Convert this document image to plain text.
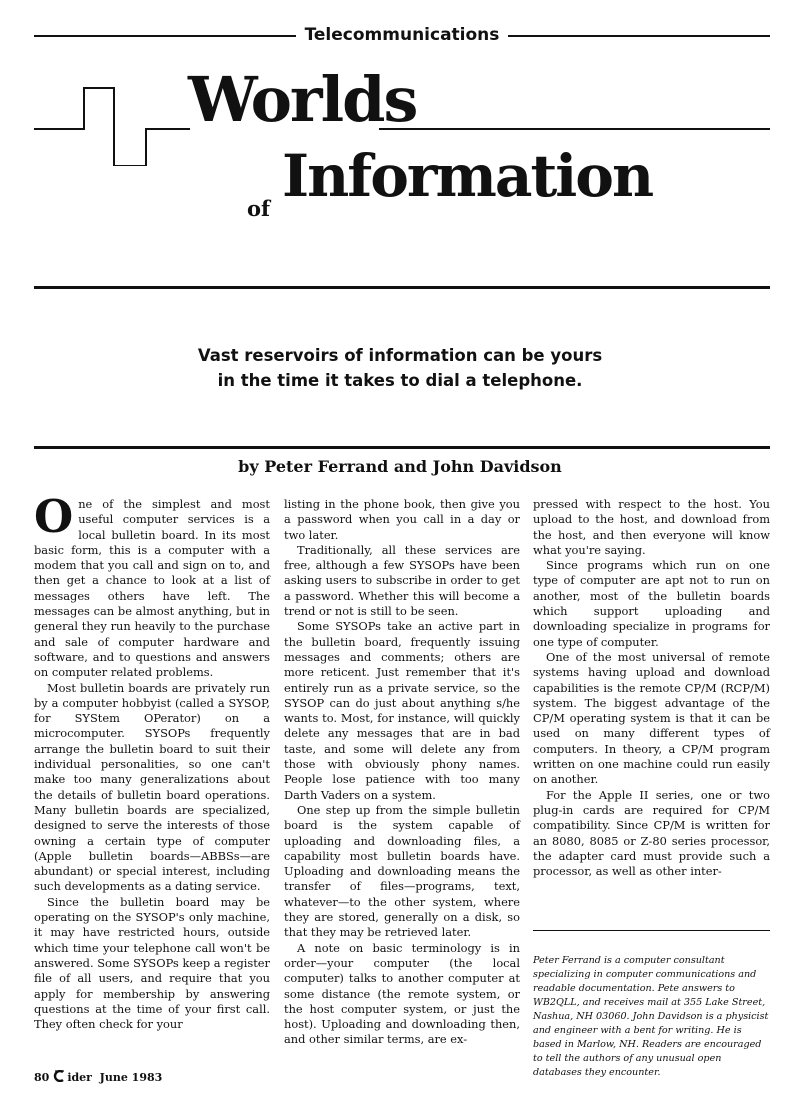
Telecommunications
Worlds
of Information
Vast reservoirs of information can be yours
in the time it takes to dial a telephone.
by Peter Ferrand and John Davidson

One of the simplest and most useful computer services is a local bulletin board. In its most basic form, this is a computer with a modem that you call and sign on to, and then get a chance to look at a list of messages others have left. The messages can be almost anything, but in general they run heavily to the purchase and sale of computer hardware and software, and to questions and answers on computer related problems.

Most bulletin boards are privately run by a computer hobbyist (called a SYSOP, for SYStem OPerator) on a microcomputer. SYSOPs frequently arrange the bulletin board to suit their individual personalities, so one can't make too many generalizations about the details of bulletin board operations. Many bulletin boards are specialized, designed to serve the interests of those owning a certain type of computer (Apple bulletin boards—ABBSs—are abundant) or special interest, including such developments as a dating service.

Since the bulletin board may be operating on the SYSOP's only machine, it may have restricted hours, outside which time your telephone call won't be answered. Some SYSOPs keep a register file of all users, and require that you apply for membership by answering questions at the time of your first call. They often check for your

listing in the phone book, then give you a password when you call in a day or two later.

Traditionally, all these services are free, although a few SYSOPs have been asking users to subscribe in order to get a password. Whether this will become a trend or not is still to be seen.

Some SYSOPs take an active part in the bulletin board, frequently issuing messages and comments; others are more reticent. Just remember that it's entirely run as a private service, so the SYSOP can do just about anything s/he wants to. Most, for instance, will quickly delete any messages that are in bad taste, and some will delete any from those with obviously phony names. People lose patience with too many Darth Vaders on a system.

One step up from the simple bulletin board is the system capable of uploading and downloading files, a capability most bulletin boards have. Uploading and downloading means the transfer of files—programs, text, whatever—to the other system, where they are stored, generally on a disk, so that they may be retrieved later.

A note on basic terminology is in order—your computer (the local computer) talks to another computer at some distance (the remote system, or the host computer system, or just the host). Uploading and downloading then, and other similar terms, are ex-

pressed with respect to the host. You upload to the host, and download from the host, and then everyone will know what you're saying.

Since programs which run on one type of computer are apt not to run on another, most of the bulletin boards which support uploading and downloading specialize in programs for one type of computer.

One of the most universal of remote systems having upload and download capabilities is the remote CP/M (RCP/M) system. The biggest advantage of the CP/M operating system is that it can be used on many different types of computers. In theory, a CP/M program written on one machine could run easily on another.

For the Apple II series, one or two plug-in cards are required for CP/M compatibility. Since CP/M is written for an 8080, 8085 or Z-80 series processor, the adapter card must provide such a processor, as well as other inter-

Peter Ferrand is a computer consultant specializing in computer communications and readable documentation. Pete answers to WB2QLL, and receives mail at 355 Lake Street, Nashua, NH 03060. John Davidson is a physicist and engineer with a bent for writing. He is based in Marlow, NH. Readers are encouraged to tell the authors of any unusual open databases they encounter.
80 ider June 1983
